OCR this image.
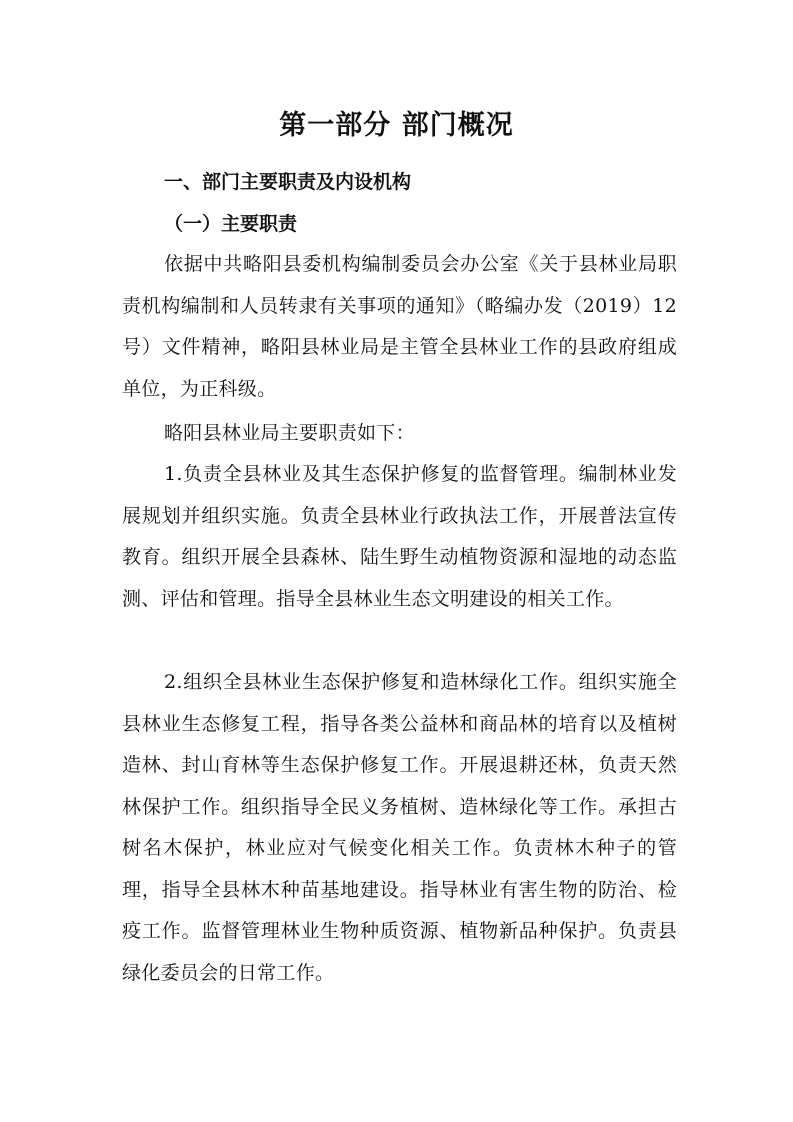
第一部分 部门概况
一、部门主要职责及内设机构
（一）主要职责

依据中共略阳县委机构编制委员会办公室《关于县林业局职责机构编制和人员转隶有关事项的通知》（略编办发（2019）12号）文件精神，略阳县林业局是主管全县林业工作的县政府组成单位，为正科级。

略阳县林业局主要职责如下：

1.负责全县林业及其生态保护修复的监督管理。编制林业发展规划并组织实施。负责全县林业行政执法工作，开展普法宣传教育。组织开展全县森林、陆生野生动植物资源和湿地的动态监测、评估和管理。指导全县林业生态文明建设的相关工作。

2.组织全县林业生态保护修复和造林绿化工作。组织实施全县林业生态修复工程，指导各类公益林和商品林的培育以及植树造林、封山育林等生态保护修复工作。开展退耕还林，负责天然林保护工作。组织指导全民义务植树、造林绿化等工作。承担古树名木保护，林业应对气候变化相关工作。负责林木种子的管理，指导全县林木种苗基地建设。指导林业有害生物的防治、检疫工作。监督管理林业生物种质资源、植物新品种保护。负责县绿化委员会的日常工作。
